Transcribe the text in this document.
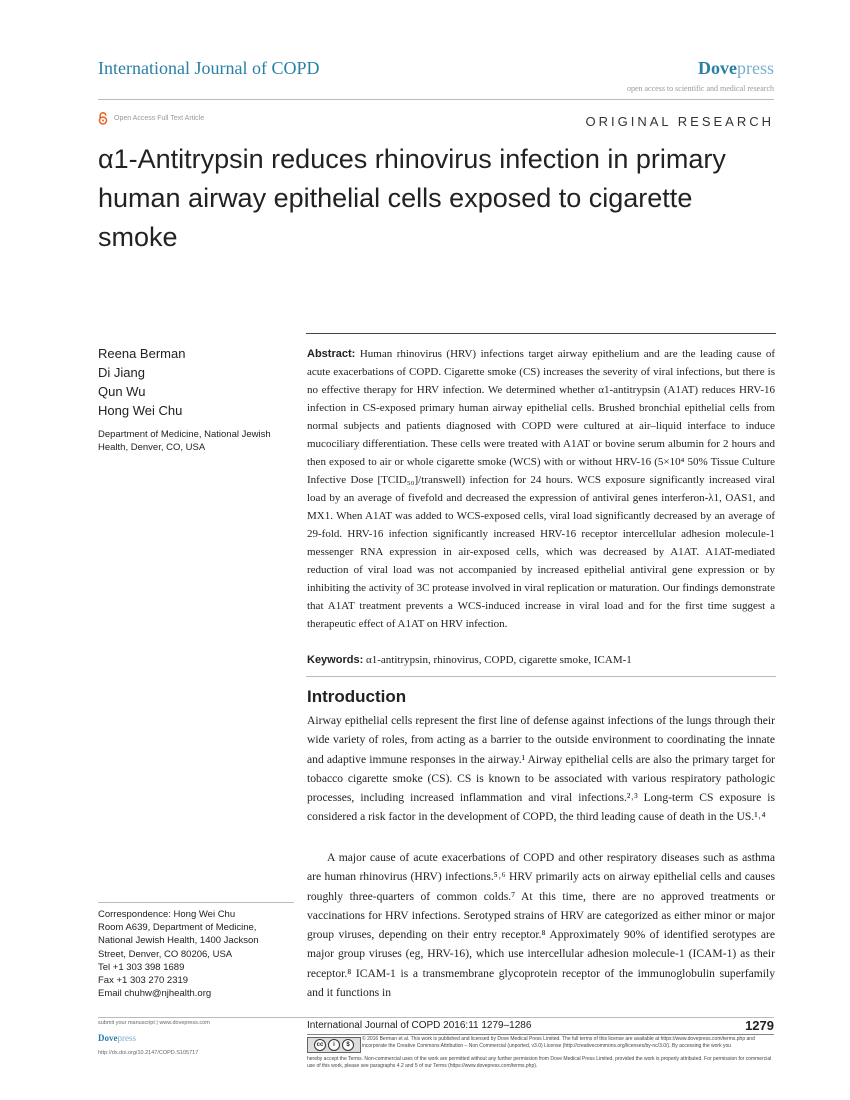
International Journal of COPD	Dovepress
open access to scientific and medical research
Open Access Full Text Article	ORIGINAL RESEARCH
α1-Antitrypsin reduces rhinovirus infection in primary human airway epithelial cells exposed to cigarette smoke
Reena Berman
Di Jiang
Qun Wu
Hong Wei Chu
Department of Medicine, National Jewish Health, Denver, CO, USA
Abstract: Human rhinovirus (HRV) infections target airway epithelium and are the leading cause of acute exacerbations of COPD. Cigarette smoke (CS) increases the severity of viral infections, but there is no effective therapy for HRV infection. We determined whether α1-antitrypsin (A1AT) reduces HRV-16 infection in CS-exposed primary human airway epithelial cells. Brushed bronchial epithelial cells from normal subjects and patients diagnosed with COPD were cultured at air–liquid interface to induce mucociliary differentiation. These cells were treated with A1AT or bovine serum albumin for 2 hours and then exposed to air or whole cigarette smoke (WCS) with or without HRV-16 (5×10⁴ 50% Tissue Culture Infective Dose [TCID₅₀]/transwell) infection for 24 hours. WCS exposure significantly increased viral load by an average of fivefold and decreased the expression of antiviral genes interferon-λ1, OAS1, and MX1. When A1AT was added to WCS-exposed cells, viral load significantly decreased by an average of 29-fold. HRV-16 infection significantly increased HRV-16 receptor intercellular adhesion molecule-1 messenger RNA expression in air-exposed cells, which was decreased by A1AT. A1AT-mediated reduction of viral load was not accompanied by increased epithelial antiviral gene expression or by inhibiting the activity of 3C protease involved in viral replication or maturation. Our findings demonstrate that A1AT treatment prevents a WCS-induced increase in viral load and for the first time suggest a therapeutic effect of A1AT on HRV infection.
Keywords: α1-antitrypsin, rhinovirus, COPD, cigarette smoke, ICAM-1
Introduction
Airway epithelial cells represent the first line of defense against infections of the lungs through their wide variety of roles, from acting as a barrier to the outside environment to coordinating the innate and adaptive immune responses in the airway.¹ Airway epithelial cells are also the primary target for tobacco cigarette smoke (CS). CS is known to be associated with various respiratory pathologic processes, including increased inflammation and viral infections.²˒³ Long-term CS exposure is considered a risk factor in the development of COPD, the third leading cause of death in the US.¹˒⁴
A major cause of acute exacerbations of COPD and other respiratory diseases such as asthma are human rhinovirus (HRV) infections.⁵˒⁶ HRV primarily acts on airway epithelial cells and causes roughly three-quarters of common colds.⁷ At this time, there are no approved treatments or vaccinations for HRV infections. Serotyped strains of HRV are categorized as either minor or major group viruses, depending on their entry receptor.⁸ Approximately 90% of identified serotypes are major group viruses (eg, HRV-16), which use intercellular adhesion molecule-1 (ICAM-1) as their receptor.⁸ ICAM-1 is a transmembrane glycoprotein receptor of the immunoglobulin superfamily and it functions in
Correspondence: Hong Wei Chu
Room A639, Department of Medicine,
National Jewish Health, 1400 Jackson
Street, Denver, CO 80206, USA
Tel +1 303 398 1689
Fax +1 303 270 2319
Email chuhw@njhealth.org
submit your manuscript | www.dovepress.com
Dovepress
http://dx.doi.org/10.2147/COPD.S105717
International Journal of COPD 2016:11 1279–1286	1279
cc	i	$
© 2016 Berman et al. This work is published and licensed by Dove Medical Press Limited. The full terms of this license are available at https://www.dovepress.com/terms.php and incorporate the Creative Commons Attribution – Non Commercial (unported, v3.0) License (http://creativecommons.org/licenses/by-nc/3.0/). By accessing the work you
hereby accept the Terms. Non-commercial uses of the work are permitted without any further permission from Dove Medical Press Limited, provided the work is properly attributed. For permission for commercial use of this work, please see paragraphs 4.2 and 5 of our Terms (https://www.dovepress.com/terms.php).
